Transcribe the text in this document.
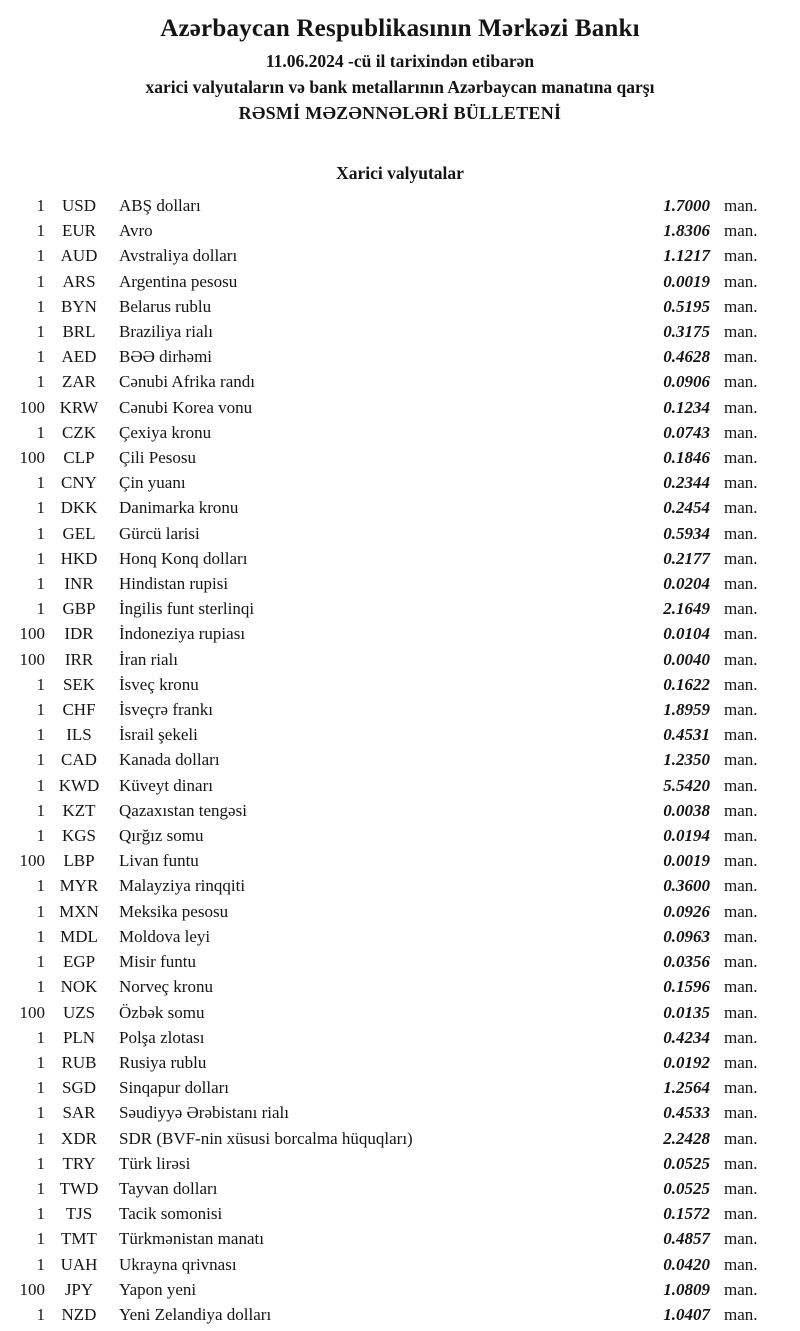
Azərbaycan Respublikasının Mərkəzi Bankı
11.06.2024 -cü il tarixindən etibarən
xarici valyutaların və bank metallarının Azərbaycan manatına qarşı
RƏSMİ MƏZƏNNƏLƏRİ BÜLLETENİ
Xarici valyutalar
1 USD	ABŞ dolları	1.7000 man.
1	EUR	Avro	1.8306 man.
1 AUD	Avstraliya dolları	1.1217 man.
1	ARS	Argentina pesosu	0.0019 man.
1 BYN	Belarus rublu	0.5195 man.
1	BRL	Braziliya rialı	0.3175 man.
1 AED	BƏƏ dirhəmi	0.4628 man.
1	ZAR	Cənubi Afrika randı	0.0906 man.
100 KRW	Cənubi Korea vonu	0.1234 man.
1	CZK	Çexiya kronu	0.0743 man.
100	CLP	Çili Pesosu	0.1846 man.
1 CNY	Çin yuanı	0.2344 man.
1 DKK	Danimarka kronu	0.2454 man.
1	GEL	Gürcü larisi	0.5934 man.
1 HKD	Honq Konq dolları	0.2177 man.
1	INR	Hindistan rupisi	0.0204 man.
1	GBP	İngilis funt sterlinqi	2.1649 man.
100	IDR	İndoneziya rupiası	0.0104 man.
100	IRR	İran rialı	0.0040 man.
1	SEK	İsveç kronu	0.1622 man.
1	CHF	İsveçrə frankı	1.8959 man.
1	ILS	İsrail şekeli	0.4531 man.
1 CAD	Kanada dolları	1.2350 man.
1 KWD	Küveyt dinarı	5.5420 man.
1	KZT	Qazaxıstan tengəsi	0.0038 man.
1 KGS	Qırğız somu	0.0194 man.
100	LBP	Livan funtu	0.0019 man.
1 MYR	Malayziya rinqqiti	0.3600 man.
1 MXN	Meksika pesosu	0.0926 man.
1 MDL	Moldova leyi	0.0963 man.
1	EGP	Misir funtu	0.0356 man.
1 NOK	Norveç kronu	0.1596 man.
100	UZS	Özbək somu	0.0135 man.
1	PLN	Polşa zlotası	0.4234 man.
1 RUB	Rusiya rublu	0.0192 man.
1 SGD	Sinqapur dolları	1.2564 man.
1	SAR	Səudiyyə Ərəbistanı rialı	0.4533 man.
1 XDR	SDR (BVF-nin xüsusi borcalma hüquqları)	2.2428 man.
1	TRY	Türk lirəsi	0.0525 man.
1 TWD	Tayvan dolları	0.0525 man.
1	TJS	Tacik somonisi	0.1572 man.
1 TMT	Türkmənistan manatı	0.4857 man.
1 UAH	Ukrayna qrivnası	0.0420 man.
100	JPY	Yapon yeni	1.0809 man.
1 NZD	Yeni Zelandiya dolları	1.0407 man.
